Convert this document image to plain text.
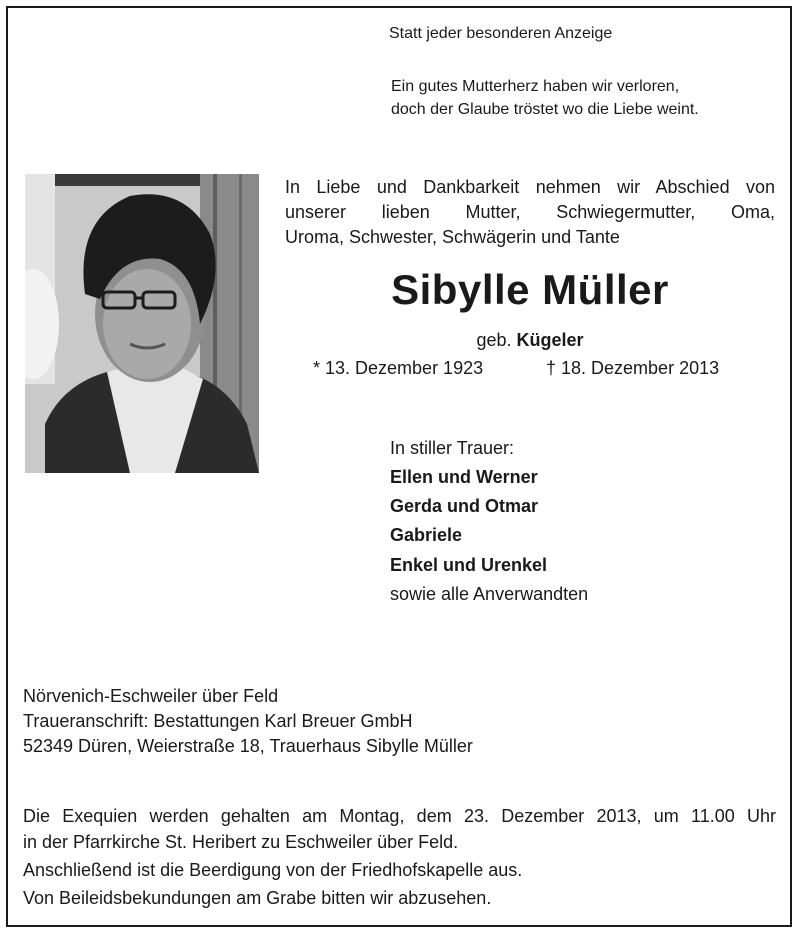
Statt jeder besonderen Anzeige
Ein gutes Mutterherz haben wir verloren,
doch der Glaube tröstet wo die Liebe weint.
In Liebe und Dankbarkeit nehmen wir Abschied von
unserer lieben Mutter, Schwiegermutter, Oma,
Uroma, Schwester, Schwägerin und Tante
Sibylle Müller
geb. Kügeler
* 13. Dezember 1923	† 18. Dezember 2013
In stiller Trauer:
Ellen und Werner
Gerda und Otmar
Gabriele
Enkel und Urenkel
sowie alle Anverwandten
Nörvenich-Eschweiler über Feld
Traueranschrift: Bestattungen Karl Breuer GmbH
52349 Düren, Weierstraße 18, Trauerhaus Sibylle Müller
Die Exequien werden gehalten am Montag, dem 23. Dezember 2013, um 11.00 Uhr
in der Pfarrkirche St. Heribert zu Eschweiler über Feld.
Anschließend ist die Beerdigung von der Friedhofskapelle aus.
Von Beileidsbekundungen am Grabe bitten wir abzusehen.
